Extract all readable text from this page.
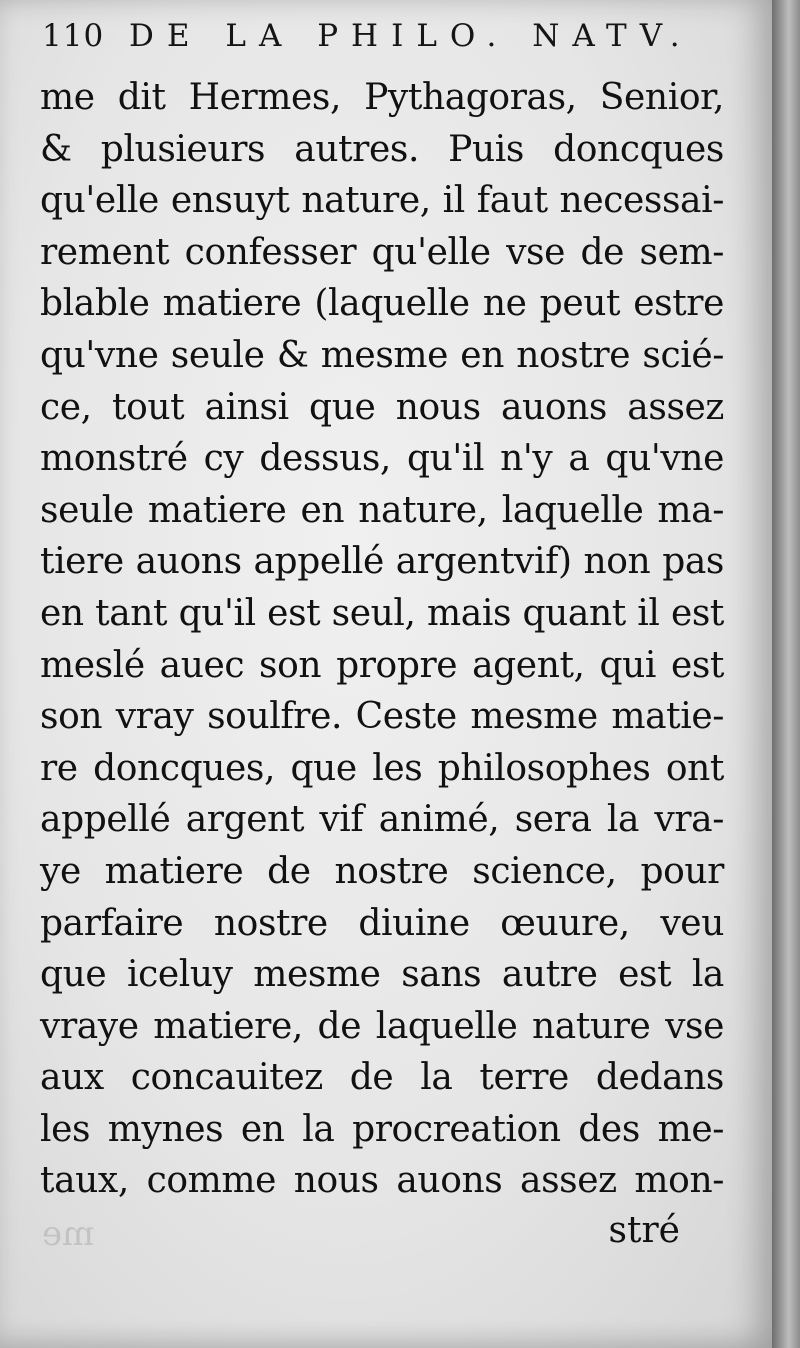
110 DE LA PHILO. NATV.
me dit Hermes, Pythagoras, Senior,
& plusieurs autres. Puis doncques
qu'elle ensuyt nature, il faut necessai-
rement confesser qu'elle vse de sem-
blable matiere (laquelle ne peut estre
qu'vne seule & mesme en nostre scié-
ce, tout ainsi que nous auons assez
monstré cy dessus, qu'il n'y a qu'vne
seule matiere en nature, laquelle ma-
tiere auons appellé argentvif) non pas
en tant qu'il est seul, mais quant il est
meslé auec son propre agent, qui est
son vray soulfre. Ceste mesme matie-
re doncques, que les philosophes ont
appellé argent vif animé, sera la vra-
ye matiere de nostre science, pour
parfaire nostre diuine œuure, veu
que iceluy mesme sans autre est la
vraye matiere, de laquelle nature vse
aux concauitez de la terre dedans
les mynes en la procreation des me-
taux, comme nous auons assez mon-
me	stré
